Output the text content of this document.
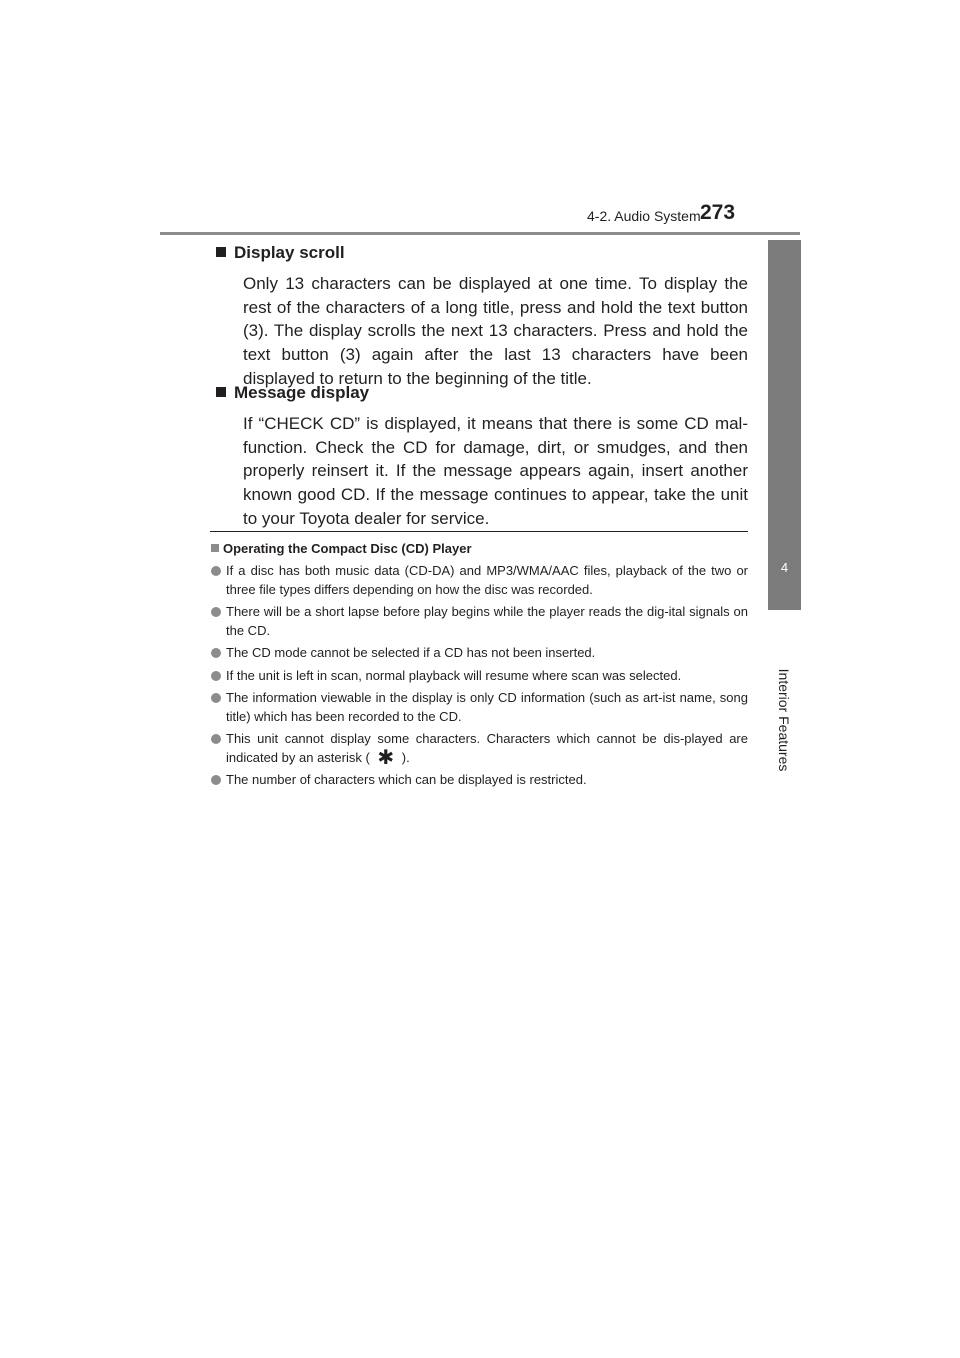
4-2. Audio System 273
4
Interior Features
Display scroll
Only 13 characters can be displayed at one time. To display the rest of the characters of a long title, press and hold the text button (3). The display scrolls the next 13 characters. Press and hold the text button (3) again after the last 13 characters have been displayed to return to the beginning of the title.
Message display
If “CHECK CD” is displayed, it means that there is some CD mal-function. Check the CD for damage, dirt, or smudges, and then properly reinsert it. If the message appears again, insert another known good CD. If the message continues to appear, take the unit to your Toyota dealer for service.
Operating the Compact Disc (CD) Player
If a disc has both music data (CD-DA) and MP3/WMA/AAC files, playback of the two or three file types differs depending on how the disc was recorded.
There will be a short lapse before play begins while the player reads the dig-ital signals on the CD.
The CD mode cannot be selected if a CD has not been inserted.
If the unit is left in scan, normal playback will resume where scan was selected.
The information viewable in the display is only CD information (such as art-ist name, song title) which has been recorded to the CD.
This unit cannot display some characters. Characters which cannot be dis-played are indicated by an asterisk ( ✱ ).
The number of characters which can be displayed is restricted.
